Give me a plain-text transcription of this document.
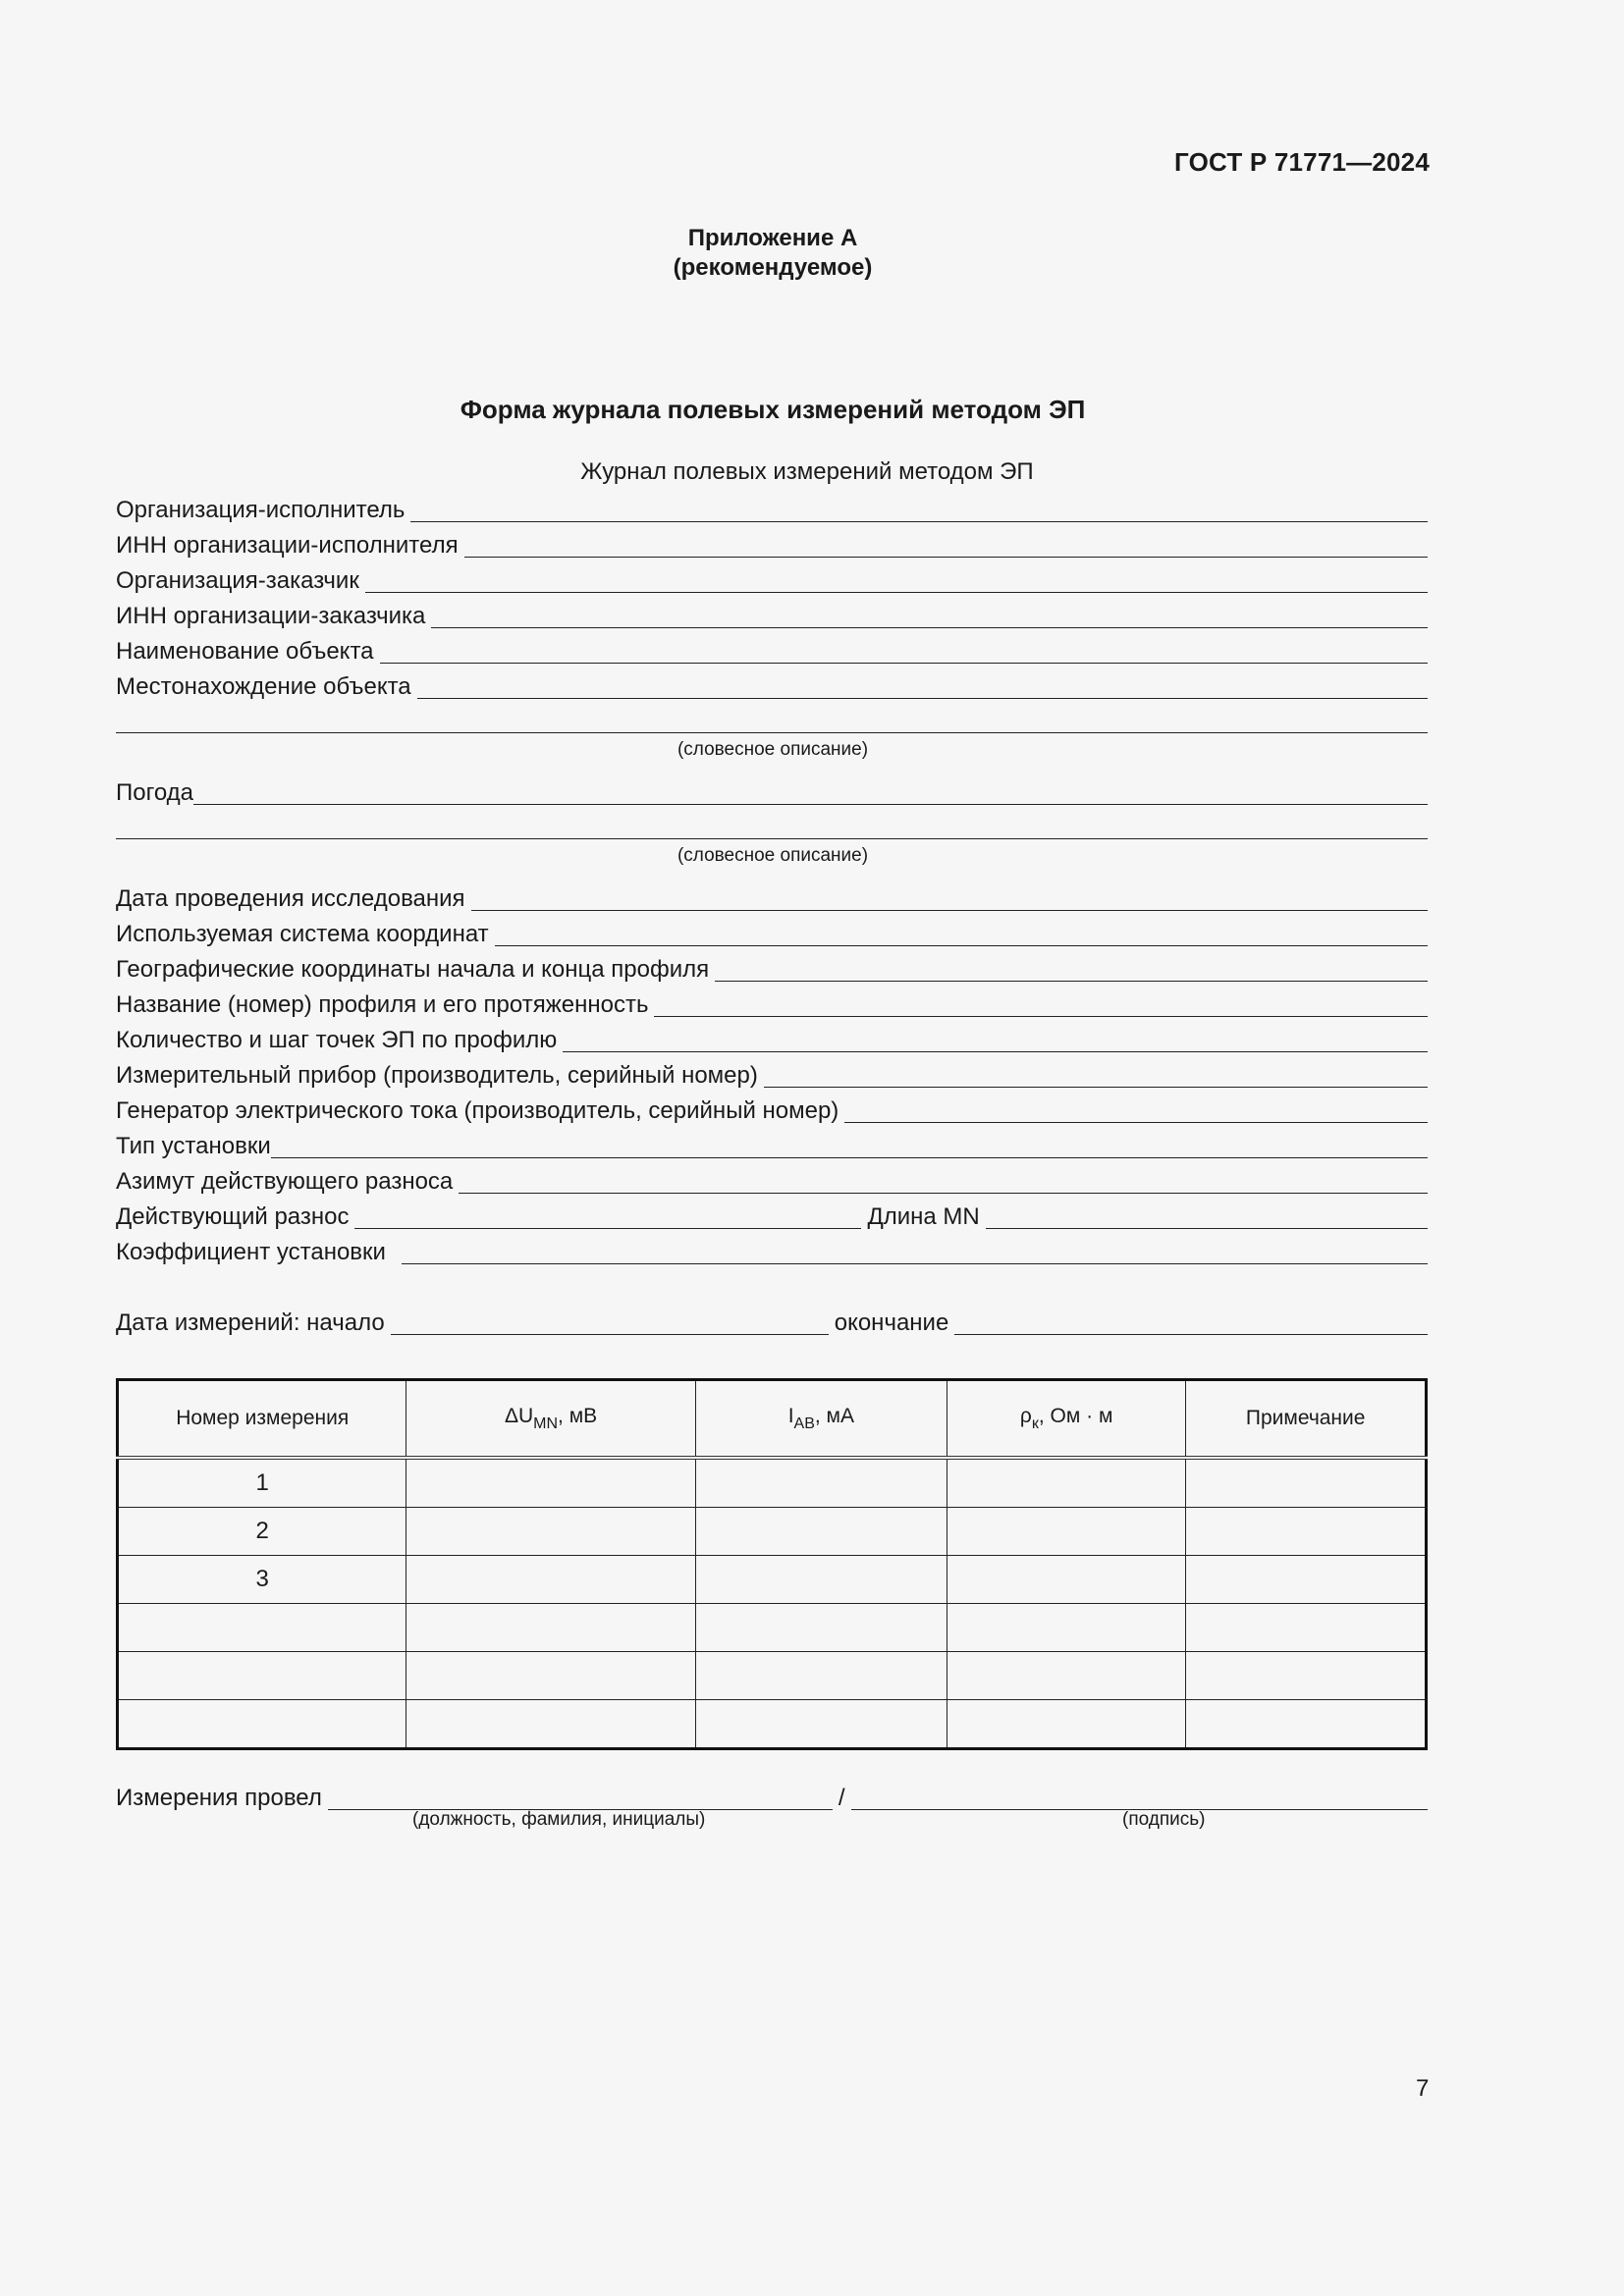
ГОСТ Р 71771—2024
Приложение А
(рекомендуемое)
Форма журнала полевых измерений методом ЭП
Журнал полевых измерений методом ЭП
Организация-исполнитель
ИНН организации-исполнителя
Организация-заказчик
ИНН организации-заказчика
Наименование объекта
Местонахождение объекта
(словесное описание)
Погода
(словесное описание)
Дата проведения исследования
Используемая система координат
Географические координаты начала и конца профиля
Название (номер) профиля и его протяженность
Количество и шаг точек ЭП по профилю
Измерительный прибор (производитель, серийный номер)
Генератор электрического тока (производитель, серийный номер)
Тип установки
Азимут действующего разноса
Действующий разнос	Длина MN
Коэффициент установки
Дата измерений: начало	окончание
Номер измерения	$\Delta U_{MN}$, мВ	$I_{AB}$, мА	$\rho_к$, Ом · м	Примечание
1				
2				
3				

Измерения провел	/
(должность, фамилия, инициалы)	(подпись)
7
